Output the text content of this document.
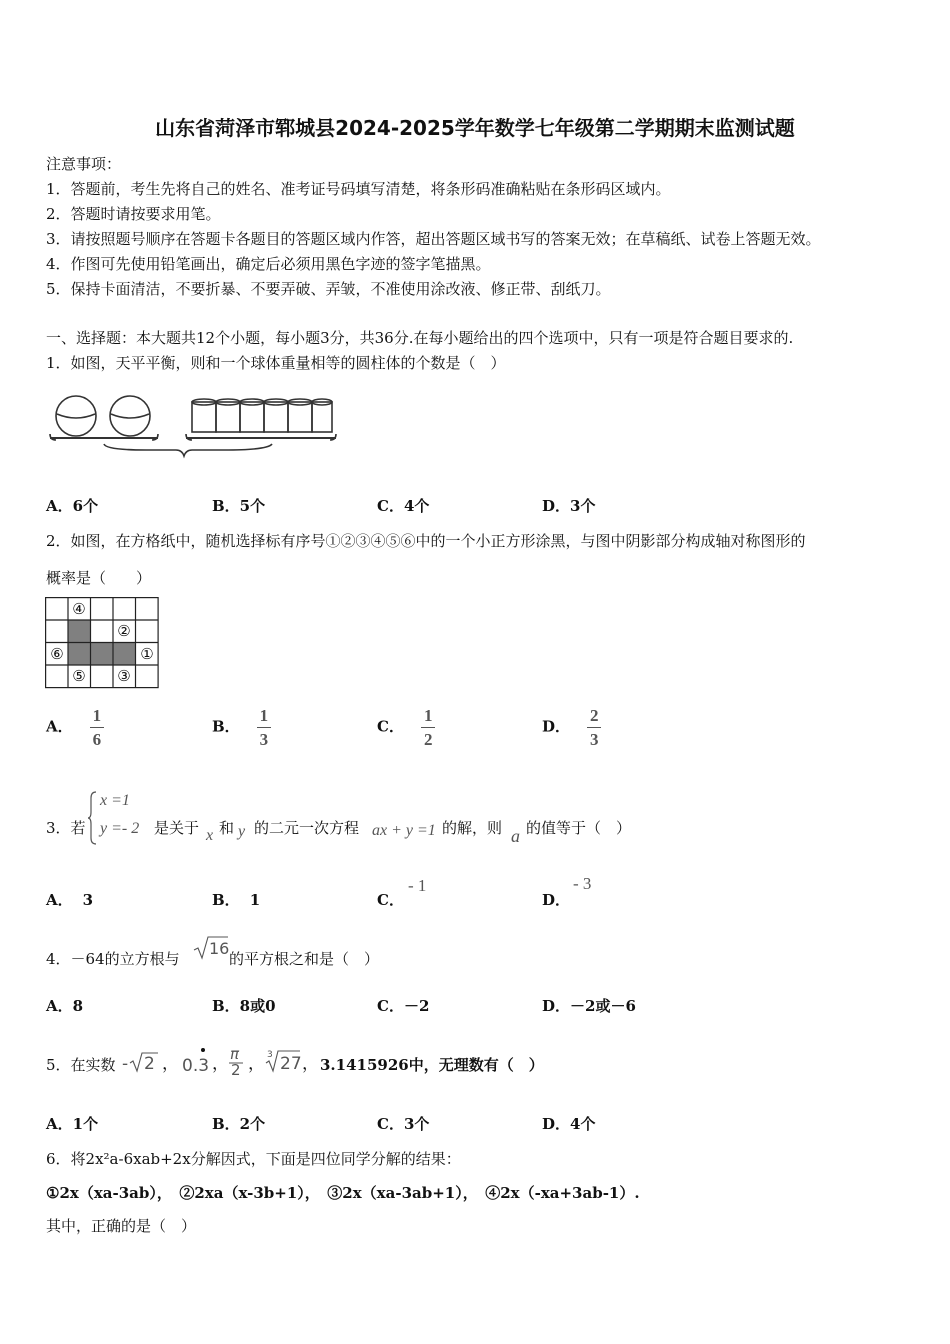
山东省菏泽市郓城县2024-2025学年数学七年级第二学期期末监测试题
注意事项：
1．答题前，考生先将自己的姓名、准考证号码填写清楚，将条形码准确粘贴在条形码区域内。
2．答题时请按要求用笔。
3．请按照题号顺序在答题卡各题目的答题区域内作答，超出答题区域书写的答案无效；在草稿纸、试卷上答题无效。
4．作图可先使用铅笔画出，确定后必须用黑色字迹的签字笔描黑。
5．保持卡面清洁，不要折暴、不要弄破、弄皱，不准使用涂改液、修正带、刮纸刀。
一、选择题：本大题共12个小题，每小题3分，共36分.在每小题给出的四个选项中，只有一项是符合题目要求的.
1．如图，天平平衡，则和一个球体重量相等的圆柱体的个数是（　）
A．6个	B．5个	C．4个	D．3个
2．如图，在方格纸中，随机选择标有序号①②③④⑤⑥中的一个小正方形涂黑，与图中阴影部分构成轴对称图形的
概率是（　　）
④
②
⑥	①
⑤ ③
A． $\frac{1}{6}$	B． $\frac{1}{3}$	C． $\frac{1}{2}$	D． $\frac{2}{3}$
3．若
x =1
y =- 2 是关于 x 和 y 的二元一次方程 ax + y =1 的解，则 a 的值等于（　）
A． 3	B． 1	C．
- 1
D．
- 3
4．－64的立方根与
16
的平方根之和是（　）
A．8	B．8或0	C．－2	D．－2或－6
5．在实数 - 2 ， 0.3 ， π
2 ， 3 27 ， 3.1415926中，无理数有（　）
A．1个	B．2个	C．3个	D．4个
6．将2x²a-6xab+2x分解因式，下面是四位同学分解的结果：
①2x（xa-3ab），　②2xa（x-3b+1），　③2x（xa-3ab+1），　④2x（-xa+3ab-1）.
其中，正确的是（　）
